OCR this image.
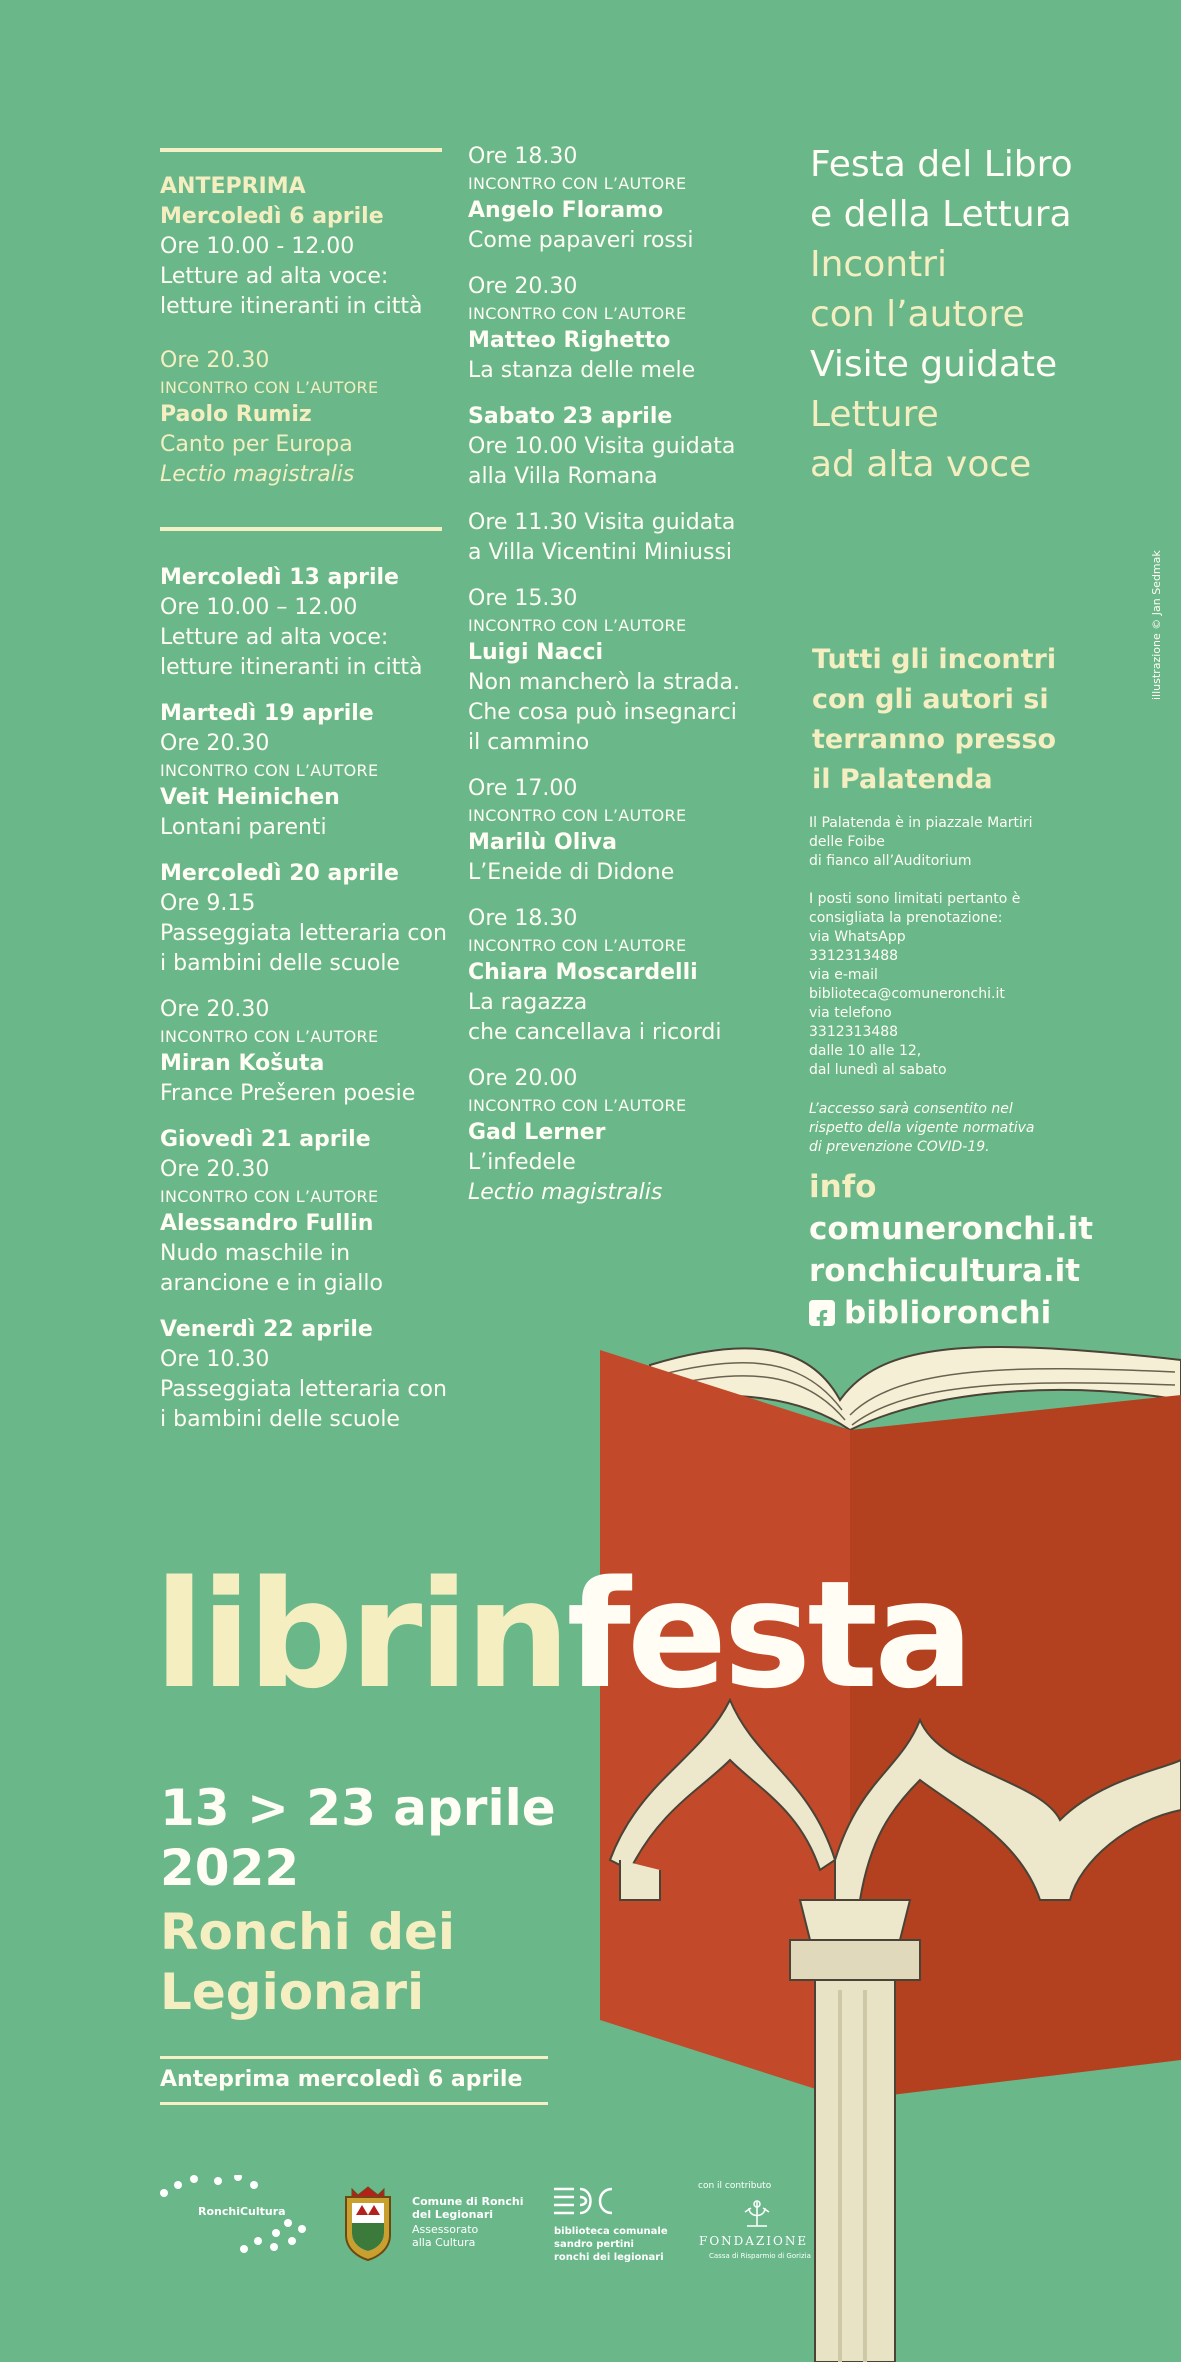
ANTEPRIMA
Mercoledì 6 aprile
Ore 10.00 - 12.00
Letture ad alta voce:
letture itineranti in città
Ore 20.30
INCONTRO CON L’AUTORE
Paolo Rumiz
Canto per Europa
Lectio magistralis
Mercoledì 13 aprile
Ore 10.00 – 12.00
Letture ad alta voce:
letture itineranti in città
Martedì 19 aprile
Ore 20.30
INCONTRO CON L’AUTORE
Veit Heinichen
Lontani parenti
Mercoledì 20 aprile
Ore 9.15
Passeggiata letteraria con
i bambini delle scuole
Ore 20.30
INCONTRO CON L’AUTORE
Miran Košuta
France Prešeren poesie
Giovedì 21 aprile
Ore 20.30
INCONTRO CON L’AUTORE
Alessandro Fullin
Nudo maschile in
arancione e in giallo
Venerdì 22 aprile
Ore 10.30
Passeggiata letteraria con
i bambini delle scuole
Ore 18.30
INCONTRO CON L’AUTORE
Angelo Floramo
Come papaveri rossi
Ore 20.30
INCONTRO CON L’AUTORE
Matteo Righetto
La stanza delle mele
Sabato 23 aprile
Ore 10.00 Visita guidata
alla Villa Romana
Ore 11.30 Visita guidata
a Villa Vicentini Miniussi
Ore 15.30
INCONTRO CON L’AUTORE
Luigi Nacci
Non mancherò la strada.
Che cosa può insegnarci
il cammino
Ore 17.00
INCONTRO CON L’AUTORE
Marilù Oliva
L’Eneide di Didone
Ore 18.30
INCONTRO CON L’AUTORE
Chiara Moscardelli
La ragazza
che cancellava i ricordi
Ore 20.00
INCONTRO CON L’AUTORE
Gad Lerner
L’infedele
Lectio magistralis
Festa del Libro
e della Lettura
Incontri
con l’autore
Visite guidate
Letture
ad alta voce
illustrazione © Jan Sedmak
Tutti gli incontri
con gli autori si
terranno presso
il Palatenda
Il Palatenda è in piazzale Martiri
delle Foibe
di fianco all’Auditorium
I posti sono limitati pertanto è
consigliata la prenotazione:
via WhatsApp
3312313488
via e-mail
biblioteca@comuneronchi.it
via telefono
3312313488
dalle 10 alle 12,
dal lunedì al sabato
L’accesso sarà consentito nel
rispetto della vigente normativa
di prevenzione COVID-19.
info
comuneronchi.it
ronchicultura.it
biblioronchi
librinfesta
13 > 23 aprile
2022
Ronchi dei
Legionari
Anteprima mercoledì 6 aprile
RonchiCultura
Comune di Ronchi
del Legionari
Assessorato
alla Cultura
biblioteca comunale
sandro pertini
ronchi dei legionari
con il contributo
FONDAZIONE
Cassa di Risparmio di Gorizia
